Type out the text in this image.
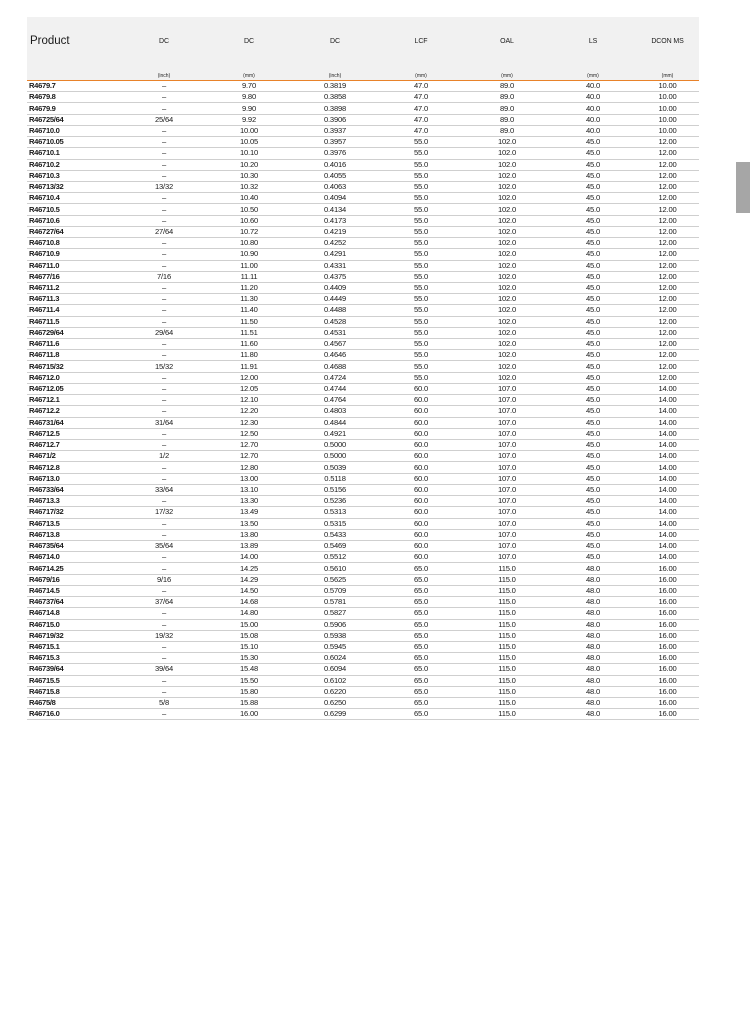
Product	DC	DC	DC	LCF	OAL	LS	DCON MS
	(inch)	(mm)	(inch)	(mm)	(mm)	(mm)	(mm)
R4679.7	–	9.70	0.3819	47.0	89.0	40.0	10.00
R4679.8	–	9.80	0.3858	47.0	89.0	40.0	10.00
R4679.9	–	9.90	0.3898	47.0	89.0	40.0	10.00
R46725/64	25/64	9.92	0.3906	47.0	89.0	40.0	10.00
R46710.0	–	10.00	0.3937	47.0	89.0	40.0	10.00
R46710.05	–	10.05	0.3957	55.0	102.0	45.0	12.00
R46710.1	–	10.10	0.3976	55.0	102.0	45.0	12.00
R46710.2	–	10.20	0.4016	55.0	102.0	45.0	12.00
R46710.3	–	10.30	0.4055	55.0	102.0	45.0	12.00
R46713/32	13/32	10.32	0.4063	55.0	102.0	45.0	12.00
R46710.4	–	10.40	0.4094	55.0	102.0	45.0	12.00
R46710.5	–	10.50	0.4134	55.0	102.0	45.0	12.00
R46710.6	–	10.60	0.4173	55.0	102.0	45.0	12.00
R46727/64	27/64	10.72	0.4219	55.0	102.0	45.0	12.00
R46710.8	–	10.80	0.4252	55.0	102.0	45.0	12.00
R46710.9	–	10.90	0.4291	55.0	102.0	45.0	12.00
R46711.0	–	11.00	0.4331	55.0	102.0	45.0	12.00
R4677/16	7/16	11.11	0.4375	55.0	102.0	45.0	12.00
R46711.2	–	11.20	0.4409	55.0	102.0	45.0	12.00
R46711.3	–	11.30	0.4449	55.0	102.0	45.0	12.00
R46711.4	–	11.40	0.4488	55.0	102.0	45.0	12.00
R46711.5	–	11.50	0.4528	55.0	102.0	45.0	12.00
R46729/64	29/64	11.51	0.4531	55.0	102.0	45.0	12.00
R46711.6	–	11.60	0.4567	55.0	102.0	45.0	12.00
R46711.8	–	11.80	0.4646	55.0	102.0	45.0	12.00
R46715/32	15/32	11.91	0.4688	55.0	102.0	45.0	12.00
R46712.0	–	12.00	0.4724	55.0	102.0	45.0	12.00
R46712.05	–	12.05	0.4744	60.0	107.0	45.0	14.00
R46712.1	–	12.10	0.4764	60.0	107.0	45.0	14.00
R46712.2	–	12.20	0.4803	60.0	107.0	45.0	14.00
R46731/64	31/64	12.30	0.4844	60.0	107.0	45.0	14.00
R46712.5	–	12.50	0.4921	60.0	107.0	45.0	14.00
R46712.7	–	12.70	0.5000	60.0	107.0	45.0	14.00
R4671/2	1/2	12.70	0.5000	60.0	107.0	45.0	14.00
R46712.8	–	12.80	0.5039	60.0	107.0	45.0	14.00
R46713.0	–	13.00	0.5118	60.0	107.0	45.0	14.00
R46733/64	33/64	13.10	0.5156	60.0	107.0	45.0	14.00
R46713.3	–	13.30	0.5236	60.0	107.0	45.0	14.00
R46717/32	17/32	13.49	0.5313	60.0	107.0	45.0	14.00
R46713.5	–	13.50	0.5315	60.0	107.0	45.0	14.00
R46713.8	–	13.80	0.5433	60.0	107.0	45.0	14.00
R46735/64	35/64	13.89	0.5469	60.0	107.0	45.0	14.00
R46714.0	–	14.00	0.5512	60.0	107.0	45.0	14.00
R46714.25	–	14.25	0.5610	65.0	115.0	48.0	16.00
R4679/16	9/16	14.29	0.5625	65.0	115.0	48.0	16.00
R46714.5	–	14.50	0.5709	65.0	115.0	48.0	16.00
R46737/64	37/64	14.68	0.5781	65.0	115.0	48.0	16.00
R46714.8	–	14.80	0.5827	65.0	115.0	48.0	16.00
R46715.0	–	15.00	0.5906	65.0	115.0	48.0	16.00
R46719/32	19/32	15.08	0.5938	65.0	115.0	48.0	16.00
R46715.1	–	15.10	0.5945	65.0	115.0	48.0	16.00
R46715.3	–	15.30	0.6024	65.0	115.0	48.0	16.00
R46739/64	39/64	15.48	0.6094	65.0	115.0	48.0	16.00
R46715.5	–	15.50	0.6102	65.0	115.0	48.0	16.00
R46715.8	–	15.80	0.6220	65.0	115.0	48.0	16.00
R4675/8	5/8	15.88	0.6250	65.0	115.0	48.0	16.00
R46716.0	–	16.00	0.6299	65.0	115.0	48.0	16.00
